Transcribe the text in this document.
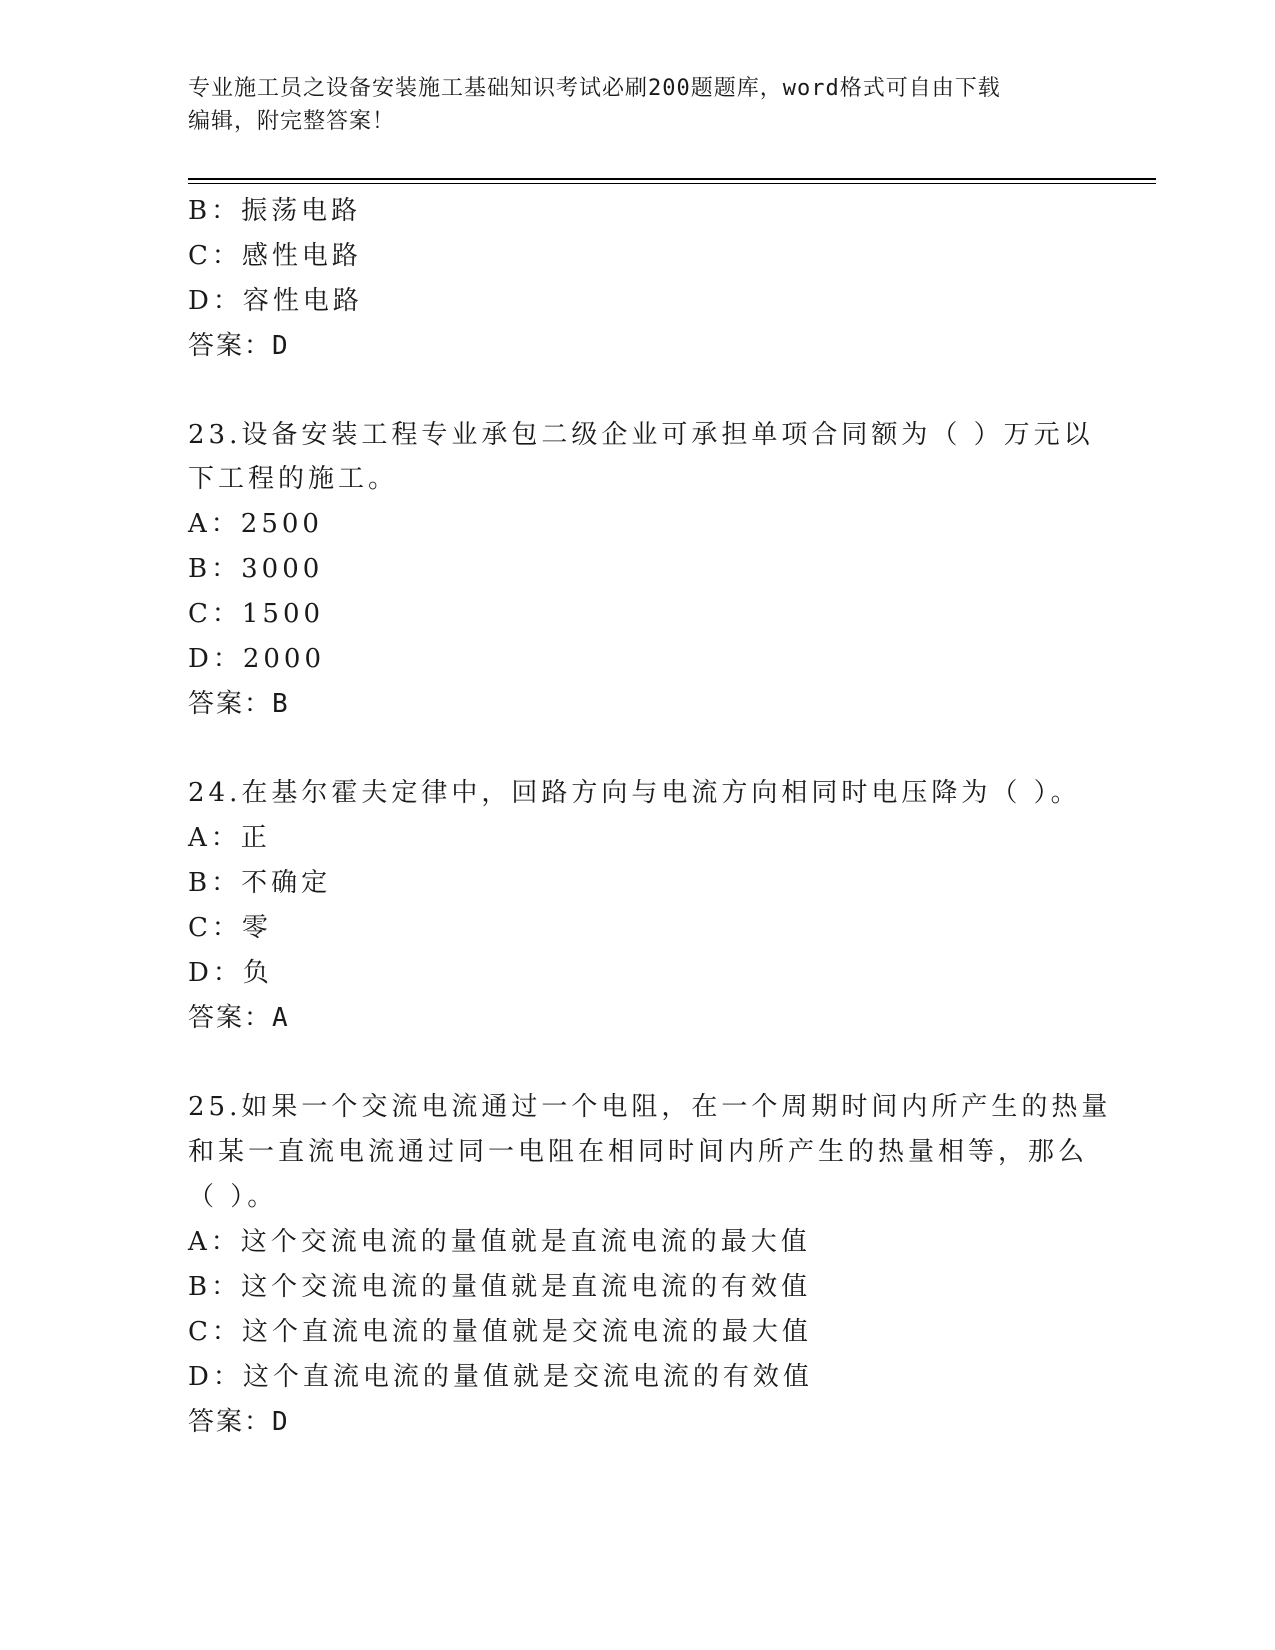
专业施工员之设备安装施工基础知识考试必刷200题题库，word格式可自由下载
编辑，附完整答案！
B：振荡电路
C：感性电路
D：容性电路
答案：D
23.设备安装工程专业承包二级企业可承担单项合同额为（ ）万元以
下工程的施工。
A：2500
B：3000
C：1500
D：2000
答案：B
24.在基尔霍夫定律中，回路方向与电流方向相同时电压降为（ ）。
A：正
B：不确定
C：零
D：负
答案：A
25.如果一个交流电流通过一个电阻，在一个周期时间内所产生的热量
和某一直流电流通过同一电阻在相同时间内所产生的热量相等，那么
（ ）。
A：这个交流电流的量值就是直流电流的最大值
B：这个交流电流的量值就是直流电流的有效值
C：这个直流电流的量值就是交流电流的最大值
D：这个直流电流的量值就是交流电流的有效值
答案：D
